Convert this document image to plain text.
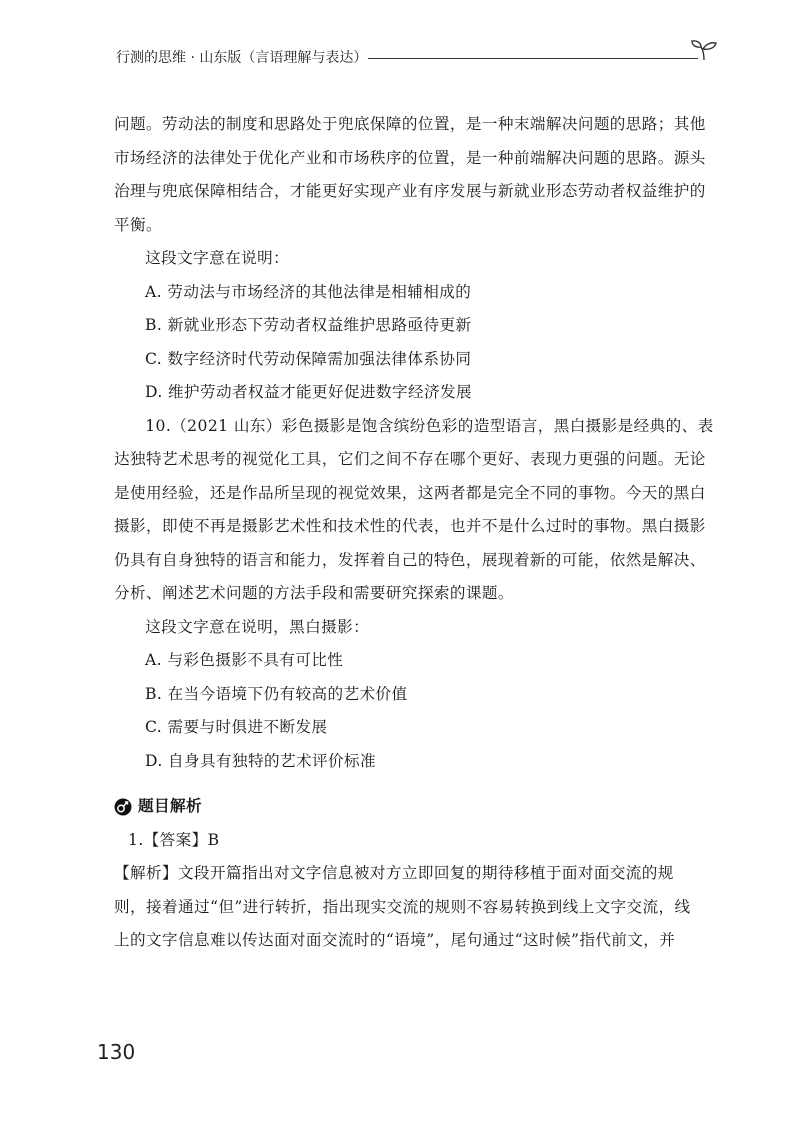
行测的思维 · 山东版（言语理解与表达）

问题。劳动法的制度和思路处于兜底保障的位置，是一种末端解决问题的思路；其他
市场经济的法律处于优化产业和市场秩序的位置，是一种前端解决问题的思路。源头
治理与兜底保障相结合，才能更好实现产业有序发展与新就业形态劳动者权益维护的
平衡。

这段文字意在说明：

A. 劳动法与市场经济的其他法律是相辅相成的

B. 新就业形态下劳动者权益维护思路亟待更新

C. 数字经济时代劳动保障需加强法律体系协同

D. 维护劳动者权益才能更好促进数字经济发展

10.（2021 山东）彩色摄影是饱含缤纷色彩的造型语言，黑白摄影是经典的、表
达独特艺术思考的视觉化工具，它们之间不存在哪个更好、表现力更强的问题。无论
是使用经验，还是作品所呈现的视觉效果，这两者都是完全不同的事物。今天的黑白
摄影，即使不再是摄影艺术性和技术性的代表，也并不是什么过时的事物。黑白摄影
仍具有自身独特的语言和能力，发挥着自己的特色，展现着新的可能，依然是解决、
分析、阐述艺术问题的方法手段和需要研究探索的课题。

这段文字意在说明，黑白摄影：

A. 与彩色摄影不具有可比性

B. 在当今语境下仍有较高的艺术价值

C. 需要与时俱进不断发展

D. 自身具有独特的艺术评价标准

题目解析

1.【答案】B

【解析】文段开篇指出对文字信息被对方立即回复的期待移植于面对面交流的规
则，接着通过“但”进行转折，指出现实交流的规则不容易转换到线上文字交流，线
上的文字信息难以传达面对面交流时的“语境”，尾句通过“这时候”指代前文，并

130
